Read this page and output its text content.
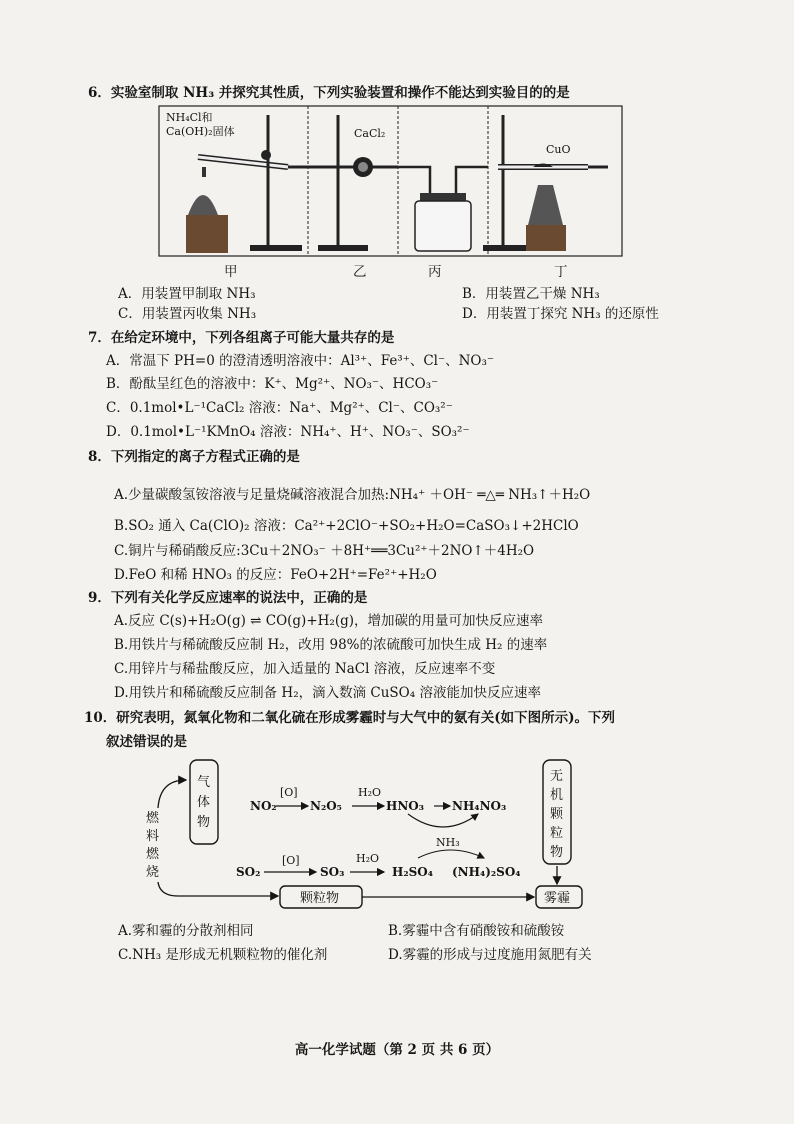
6．实验室制取 NH₃ 并探究其性质，下列实验装置和操作不能达到实验目的的是
NH₄Cl和
Ca(OH)₂固体	CaCl₂
CuO
甲	乙	丙	丁
A．用装置甲制取 NH₃	B．用装置乙干燥 NH₃
C．用装置丙收集 NH₃	D．用装置丁探究 NH₃ 的还原性
7．在给定环境中，下列各组离子可能大量共存的是
A．常温下 PH=0 的澄清透明溶液中：Al³⁺、Fe³⁺、Cl⁻、NO₃⁻
B．酚酞呈红色的溶液中：K⁺、Mg²⁺、NO₃⁻、HCO₃⁻
C．0.1mol•L⁻¹CaCl₂ 溶液：Na⁺、Mg²⁺、Cl⁻、CO₃²⁻
D．0.1mol•L⁻¹KMnO₄ 溶液：NH₄⁺、H⁺、NO₃⁻、SO₃²⁻
8．下列指定的离子方程式正确的是
A.少量碳酸氢铵溶液与足量烧碱溶液混合加热:NH₄⁺ ＋OH⁻ ═△═ NH₃↑＋H₂O
B.SO₂ 通入 Ca(ClO)₂ 溶液：Ca²⁺+2ClO⁻+SO₂+H₂O=CaSO₃↓+2HClO
C.铜片与稀硝酸反应:3Cu＋2NO₃⁻ ＋8H⁺══3Cu²⁺＋2NO↑＋4H₂O
D.FeO 和稀 HNO₃ 的反应：FeO+2H⁺=Fe²⁺+H₂O
9．下列有关化学反应速率的说法中，正确的是
A.反应 C(s)+H₂O(g) ⇌ CO(g)+H₂(g)，增加碳的用量可加快反应速率
B.用铁片与稀硫酸反应制 H₂，改用 98%的浓硫酸可加快生成 H₂ 的速率
C.用锌片与稀盐酸反应，加入适量的 NaCl 溶液，反应速率不变
D.用铁片和稀硫酸反应制备 H₂，滴入数滴 CuSO₄ 溶液能加快反应速率
10．研究表明，氮氧化物和二氧化硫在形成雾霾时与大气中的氨有关(如下图所示)。下列
叙述错误的是
燃
料
燃
烧
气
体
物
NO₂
[O]
N₂O₅
H₂O
HNO₃ NH₄NO₃
NH₃
SO₂
[O]
SO₃
H₂O
H₂SO₄ (NH₄)₂SO₄
无
机
颗
粒
物
颗粒物	雾霾
A.雾和霾的分散剂相同	B.雾霾中含有硝酸铵和硫酸铵
C.NH₃ 是形成无机颗粒物的催化剂	D.雾霾的形成与过度施用氮肥有关
高一化学试题（第 2 页 共 6 页）
